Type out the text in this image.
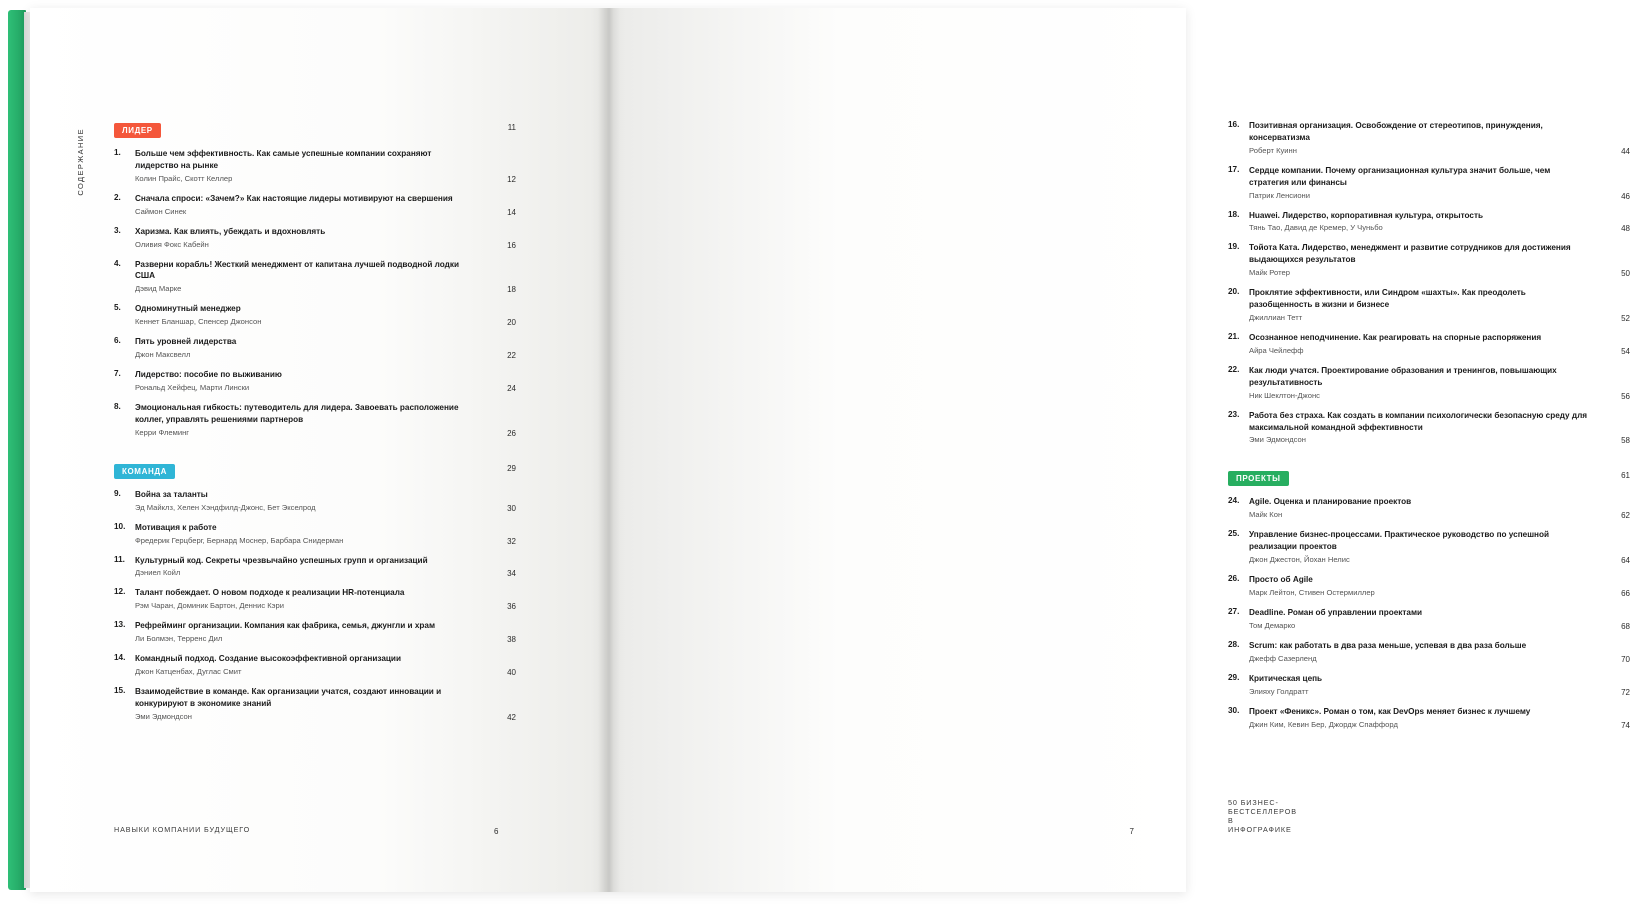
СОДЕРЖАНИЕ	ЛИДЕР	11
1. Больше чем эффективность. Как самые успешные компании сохраняют лидерство на рынке

Колин Прайс, Скотт Келлер	12
2. Сначала спроси: «Зачем?» Как настоящие лидеры мотивируют на свершения

Саймон Синек	14
3. Харизма. Как влиять, убеждать и вдохновлять

Оливия Фокс Кабейн	16
4. Разверни корабль! Жесткий менеджмент от капитана лучшей подводной лодки США

Дэвид Марке	18
5. Одноминутный менеджер

Кеннет Бланшар, Спенсер Джонсон	20
6. Пять уровней лидерства

Джон Максвелл	22
7. Лидерство: пособие по выживанию

Рональд Хейфец, Марти Лински	24
8. Эмоциональная гибкость: путеводитель для лидера. Завоевать расположение коллег, управлять решениями партнеров

Керри Флеминг	26
КОМАНДА	29
9. Война за таланты

Эд Майклз, Хелен Хэндфилд-Джонс, Бет Экселрод	30
10. Мотивация к работе

Фредерик Герцберг, Бернард Моснер, Барбара Снидерман	32
11. Культурный код. Секреты чрезвычайно успешных групп и организаций

Дэниел Койл	34
12. Талант побеждает. О новом подходе к реализации HR-потенциала

Рэм Чаран, Доминик Бартон, Деннис Кэри	36
13. Рефрейминг организации. Компания как фабрика, семья, джунгли и храм

Ли Болмэн, Терренс Дил	38
14. Командный подход. Создание высокоэффективной организации

Джон Катценбах, Дуглас Смит	40
15. Взаимодействие в команде. Как организации учатся, создают инновации и конкурируют в экономике знаний

Эми Эдмондсон	42
НАВЫКИ КОМПАНИИ БУДУЩЕГО	6
16. Позитивная организация. Освобождение от стереотипов, принуждения, консерватизма

Роберт Куинн	44
17. Сердце компании. Почему организационная культура значит больше, чем стратегия или финансы

Патрик Ленсиони	46
18. Huawei. Лидерство, корпоративная культура, открытость

Тянь Тао, Давид де Кремер, У Чуньбо	48
19. Тойота Ката. Лидерство, менеджмент и развитие сотрудников для достижения выдающихся результатов

Майк Ротер	50
20. Проклятие эффективности, или Синдром «шахты». Как преодолеть разобщенность в жизни и бизнесе

Джиллиан Тетт	52
21. Осознанное неподчинение. Как реагировать на спорные распоряжения

Айра Чейлефф	54
22. Как люди учатся. Проектирование образования и тренингов, повышающих результативность

Ник Шеклтон-Джонс	56
23. Работа без страха. Как создать в компании психологически безопасную среду для максимальной командной эффективности

Эми Эдмондсон	58
ПРОЕКТЫ	61
24. Agile. Оценка и планирование проектов

Майк Кон	62
25. Управление бизнес-процессами. Практическое руководство по успешной реализации проектов

Джон Джестон, Йохан Нелис	64
26. Просто об Agile

Марк Лейтон, Стивен Остермиллер	66
27. Deadline. Роман об управлении проектами

Том Демарко	68
28. Scrum: как работать в два раза меньше, успевая в два раза больше

Джефф Сазерленд	70
29. Критическая цепь

Элияху Голдратт	72
30. Проект «Феникс». Роман о том, как DevOps меняет бизнес к лучшему

Джин Ким, Кевин Бер, Джордж Спаффорд	74
50 БИЗНЕС-БЕСТСЕЛЛЕРОВ В ИНФОГРАФИКЕ
7
